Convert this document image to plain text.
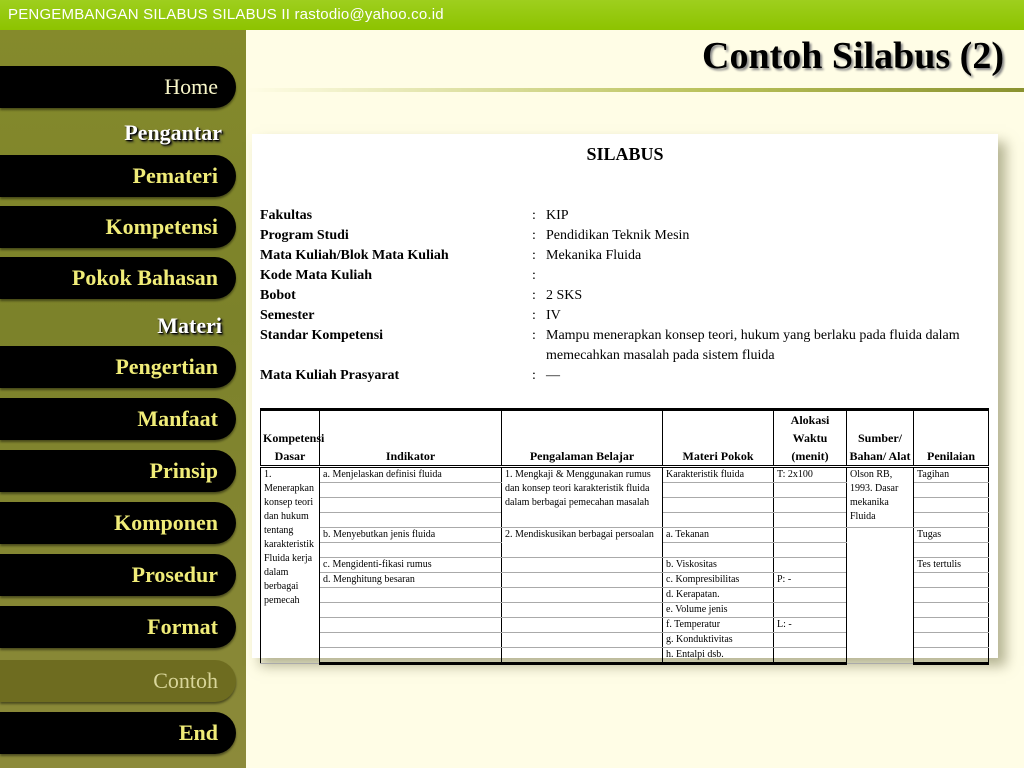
PENGEMBANGAN SILABUS SILABUS II rastodio@yahoo.co.id
Home
Pengantar
Pemateri
Kompetensi
Pokok Bahasan
Materi
Pengertian
Manfaat
Prinsip
Komponen
Prosedur
Format
Contoh
End
Contoh Silabus (2)
SILABUS
Fakultas	: KIP
Program Studi	: Pendidikan Teknik Mesin
Mata Kuliah/Blok Mata Kuliah	: Mekanika Fluida
Kode Mata Kuliah	:
Bobot	: 2 SKS
Semester	: IV
Standar Kompetensi	: Mampu menerapkan konsep teori, hukum yang berlaku pada fluida dalam memecahkan masalah pada sistem fluida
Mata Kuliah Prasyarat	: —
Kompetensi Dasar	Indikator	Pengalaman Belajar	Materi Pokok	Alokasi Waktu (menit)	Sumber/ Bahan/ Alat	Penilaian
1. Menerapkan konsep teori dan hukum tentang karakteristik Fluida kerja dalam berbagai pemecah	a. Menjelaskan definisi fluida	1. Mengkaji & Menggunakan rumus dan konsep teori karakteristik fluida dalam berbagai pemecahan masalah	Karakteristik fluida	T: 2x100	Olson RB, 1993. Dasar mekanika Fluida	Tagihan

	b. Menyebutkan jenis fluida	2. Mendiskusikan berbagai persoalan	a. Tekanan			Tugas

	c. Mengidenti-fikasi rumus		b. Viskositas			Tes tertulis
	d. Menghitung besaran		c. Kompresibilitas	P: -		
			d. Kerapatan.			
			e. Volume jenis			
			f. Temperatur	L: -		
			g. Konduktivitas			
			h. Entalpi dsb.			
